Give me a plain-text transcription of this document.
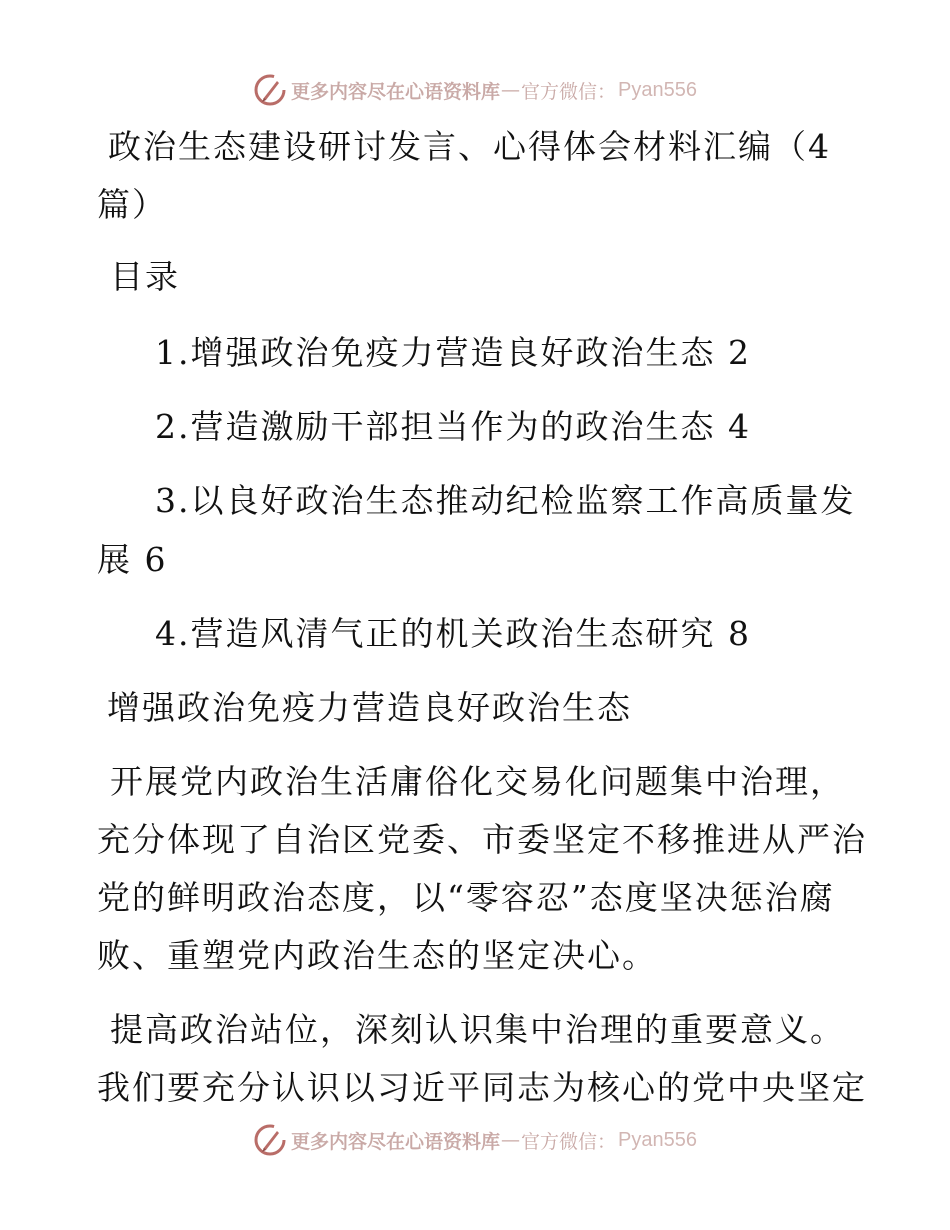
更多内容尽在心语资料库 — 官方微信： Pyan556
政治生态建设研讨发言、心得体会材料汇编（4
篇）
目录
1.增强政治免疫力营造良好政治生态 2
2.营造激励干部担当作为的政治生态 4
3.以良好政治生态推动纪检监察工作高质量发
展 6
4.营造风清气正的机关政治生态研究 8
增强政治免疫力营造良好政治生态
开展党内政治生活庸俗化交易化问题集中治理，
充分体现了自治区党委、市委坚定不移推进从严治
党的鲜明政治态度，以“零容忍”态度坚决惩治腐
败、重塑党内政治生态的坚定决心。
提高政治站位，深刻认识集中治理的重要意义。
我们要充分认识以习近平同志为核心的党中央坚定
更多内容尽在心语资料库 — 官方微信： Pyan556
